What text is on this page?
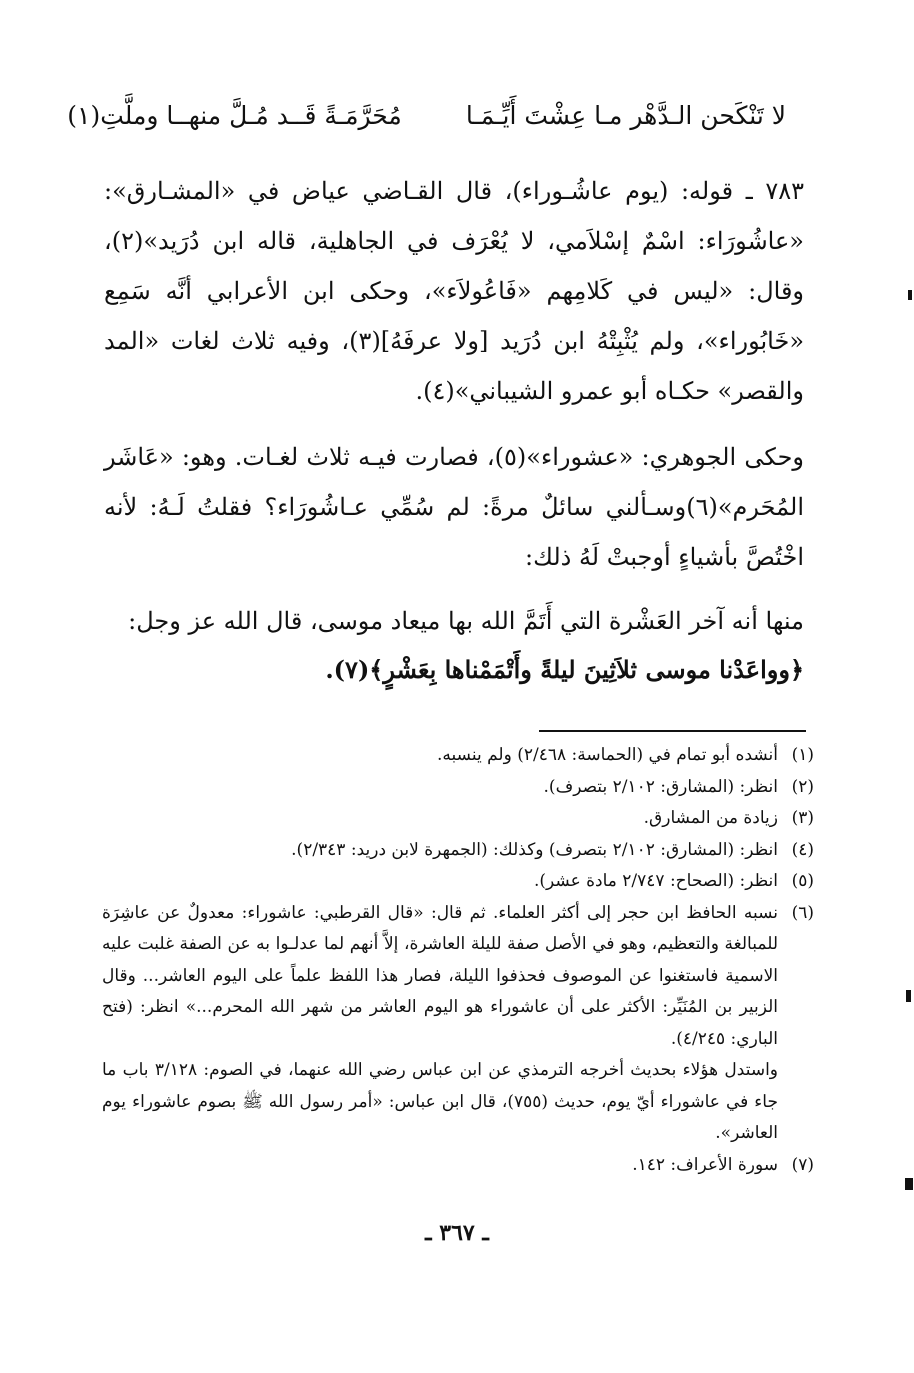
لا تَنْكَحن الـدَّهْر مـا عِشْتَ أَيِّـمَـا
مُحَرَّمَـةً قَــد مُـلَّ منهــا وملَّتِ(١)
٧٨٣ ـ قوله: (يوم عاشُـوراء)، قال القـاضي عياض في «المشـارق»: «عاشُورَاء: اسْمٌ إسْلاَمي، لا يُعْرَف في الجاهلية، قاله ابن دُرَيد»(٢)، وقال: «ليس في كَلامِهم «فَاعُولاَء»، وحكى ابن الأعرابي أنَّه سَمِع «خَابُوراء»، ولم يُثْبِتْهُ ابن دُرَيد [ولا عرفَهُ](٣)، وفيه ثلاث لغات «المد والقصر» حكـاه أبو عمرو الشيباني»(٤).
وحكى الجوهري: «عشوراء»(٥)، فصارت فيـه ثلاث لغـات. وهو: «عَاشَر المُحَرم»(٦)وسـألني سائلٌ مرةً: لم سُمِّي عـاشُورَاء؟ فقلتُ لَـهُ: لأنه اخْتُصَّ بأشياءٍ أوجبتْ لَهُ ذلك:
منها أنه آخر العَشْرة التي أَتَمَّ الله بها ميعاد موسى، قال الله عز وجل:
﴿وواعَدْنا موسى ثلاَثِينَ ليلةً وأَتْمَمْناها بِعَشْرٍ﴾(٧).
(١)
أنشده أبو تمام في (الحماسة: ٢/٤٦٨) ولم ينسبه.
(٢)
انظر: (المشارق: ٢/١٠٢ بتصرف).
(٣)
زيادة من المشارق.
(٤)
انظر: (المشارق: ٢/١٠٢ بتصرف) وكذلك: (الجمهرة لابن دريد: ٢/٣٤٣).
(٥)
انظر: (الصحاح: ٢/٧٤٧ مادة عشر).
(٦)
نسبه الحافظ ابن حجر إلى أكثر العلماء. ثم قال: «قال القرطبي: عاشوراء: معدولٌ عن عاشِرَة للمبالغة والتعظيم، وهو في الأصل صفة لليلة العاشرة، إلاَّ أنهم لما عدلـوا به عن الصفة غلبت عليه الاسمية فاستغنوا عن الموصوف فحذفوا الليلة، فصار هذا اللفظ علماً على اليوم العاشر... وقال الزبير بن المُنَيِّر: الأكثر على أن عاشوراء هو اليوم العاشر من شهر الله المحرم...» انظر: (فتح الباري: ٤/٢٤٥).
واستدل هؤلاء بحديث أخرجه الترمذي عن ابن عباس رضي الله عنهما، في الصوم: ٣/١٢٨ باب ما جاء في عاشوراء أيّ يوم، حديث (٧٥٥)، قال ابن عباس: «أمر رسول الله ﷺ بصوم عاشوراء يوم العاشر».
(٧)
سورة الأعراف: ١٤٢.
ـ ٣٦٧ ـ
